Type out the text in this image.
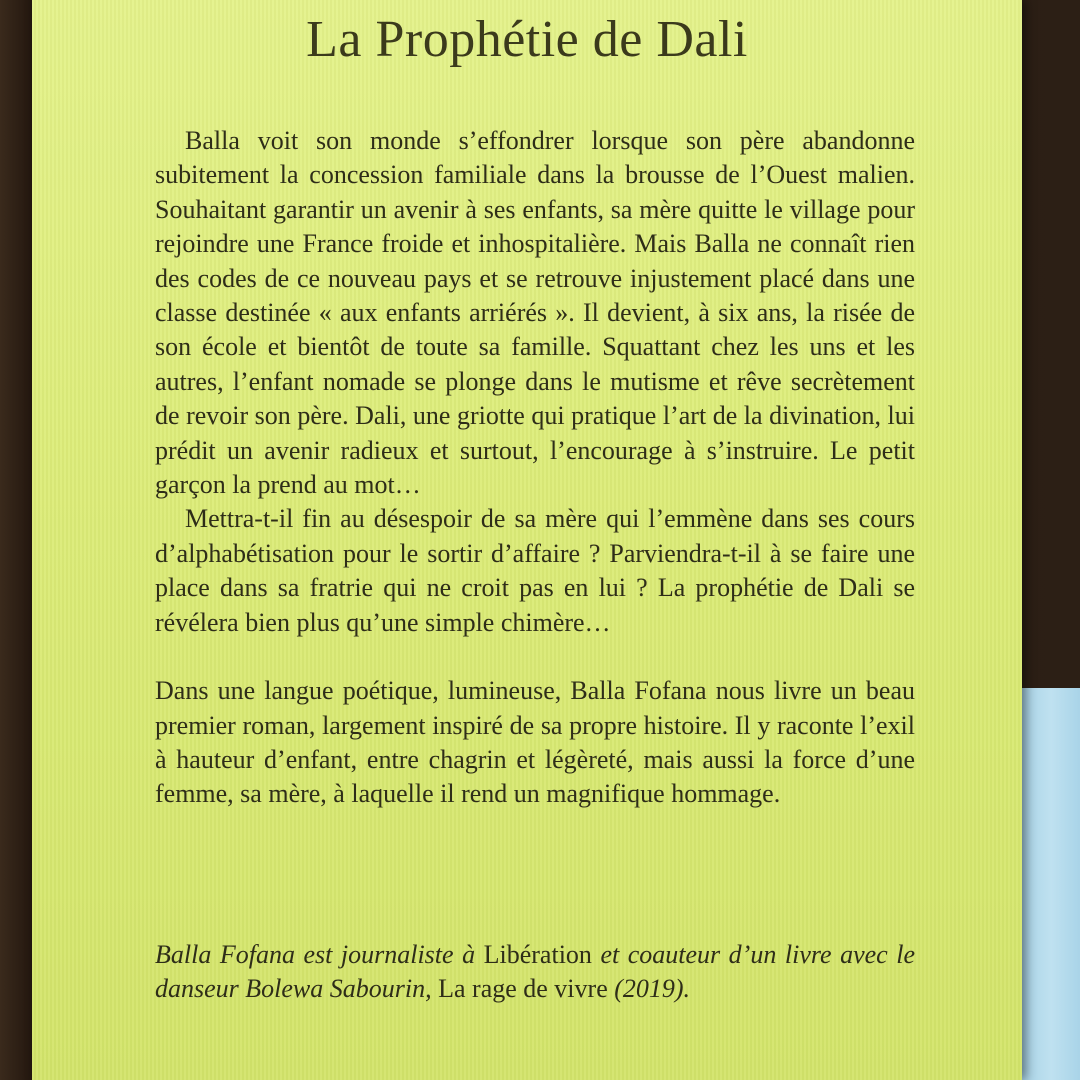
La Prophétie de Dali

Balla voit son monde s’effondrer lorsque son père abandonne subitement la concession familiale dans la brousse de l’Ouest malien. Souhaitant garantir un avenir à ses enfants, sa mère quitte le village pour rejoindre une France froide et inhospitalière. Mais Balla ne connaît rien des codes de ce nouveau pays et se retrouve injustement placé dans une classe destinée « aux enfants arriérés ». Il devient, à six ans, la risée de son école et bientôt de toute sa famille. Squattant chez les uns et les autres, l’enfant nomade se plonge dans le mutisme et rêve secrètement de revoir son père. Dali, une griotte qui pratique l’art de la divination, lui prédit un avenir radieux et surtout, l’encourage à s’instruire. Le petit garçon la prend au mot…

Mettra-t-il fin au désespoir de sa mère qui l’emmène dans ses cours d’alphabétisation pour le sortir d’affaire ? Parviendra-t-il à se faire une place dans sa fratrie qui ne croit pas en lui ? La prophétie de Dali se révélera bien plus qu’une simple chimère…

Dans une langue poétique, lumineuse, Balla Fofana nous livre un beau premier roman, largement inspiré de sa propre histoire. Il y raconte l’exil à hauteur d’enfant, entre chagrin et légèreté, mais aussi la force d’une femme, sa mère, à laquelle il rend un magnifique hommage.

Balla Fofana est journaliste à Libération et coauteur d’un livre avec le danseur Bolewa Sabourin, La rage de vivre (2019).
